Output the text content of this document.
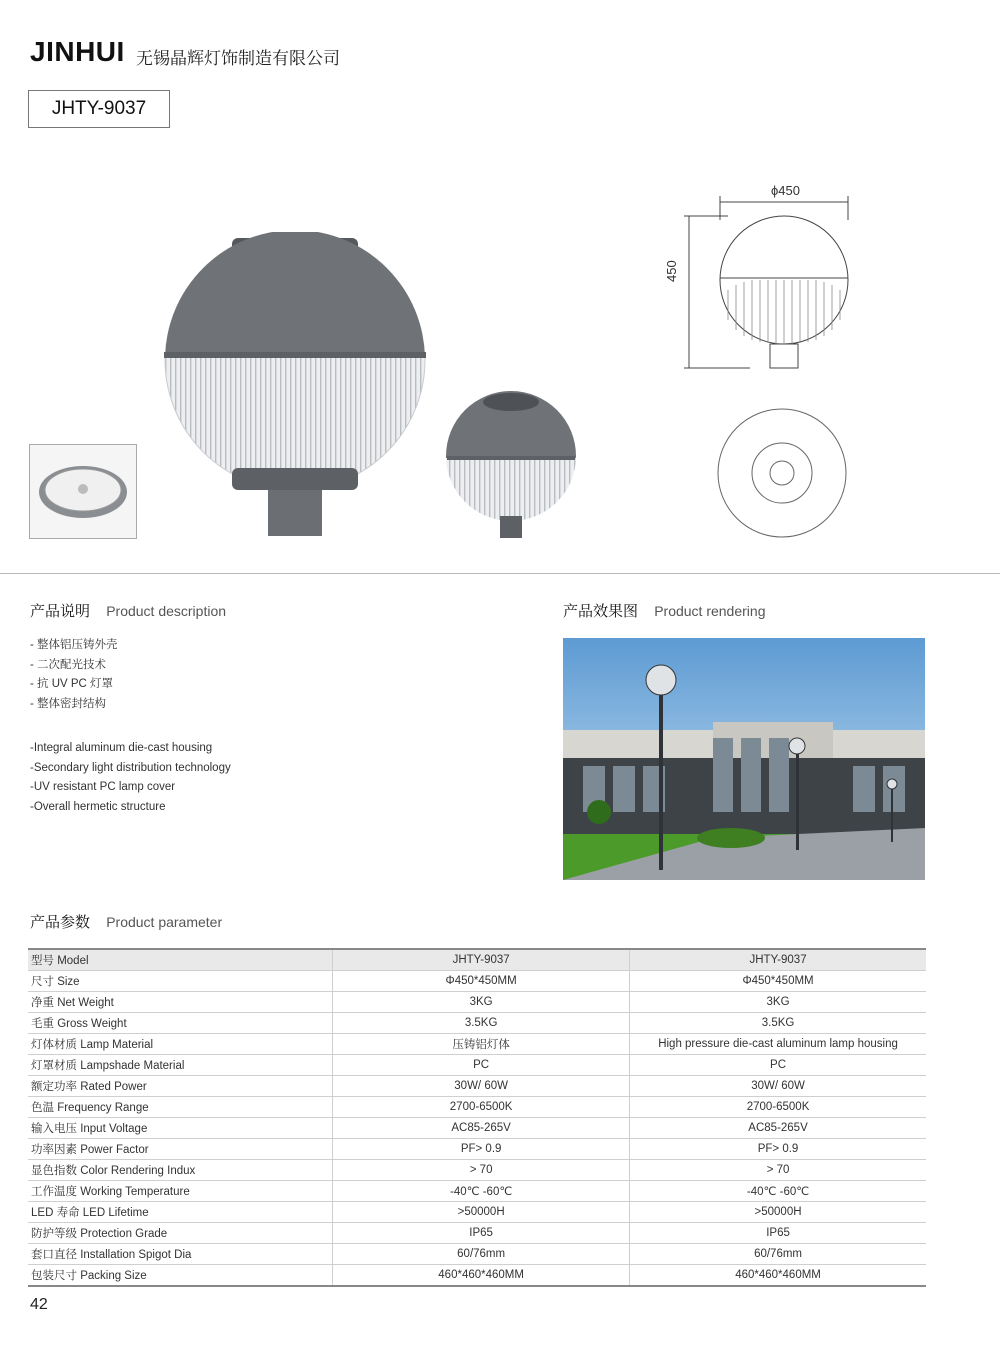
JINHUI 无锡晶辉灯饰制造有限公司
JHTY-9037
ϕ450
450
产品说明 Product description
- 整体铝压铸外壳
- 二次配光技术
- 抗 UV PC 灯罩
- 整体密封结构
-Integral aluminum die-cast housing
-Secondary light distribution technology
-UV resistant PC lamp cover
-Overall hermetic structure
产品效果图 Product rendering
产品参数 Product parameter
型号 Model	JHTY-9037	JHTY-9037
尺寸 Size	Φ450*450MM	Φ450*450MM
净重 Net Weight	3KG	3KG
毛重 Gross Weight	3.5KG	3.5KG
灯体材质 Lamp Material	压铸铝灯体	High pressure die-cast aluminum lamp housing
灯罩材质 Lampshade Material	PC	PC
额定功率 Rated Power	30W/ 60W	30W/ 60W
色温 Frequency Range	2700-6500K	2700-6500K
输入电压 Input Voltage	AC85-265V	AC85-265V
功率因素 Power Factor	PF> 0.9	PF> 0.9
显色指数 Color Rendering Indux	> 70	> 70
工作温度 Working Temperature	-40℃ -60℃	-40℃ -60℃
LED 寿命 LED Lifetime	>50000H	>50000H
防护等级 Protection Grade	IP65	IP65
套口直径 Installation Spigot Dia	60/76mm	60/76mm
包装尺寸 Packing Size	460*460*460MM	460*460*460MM
42
